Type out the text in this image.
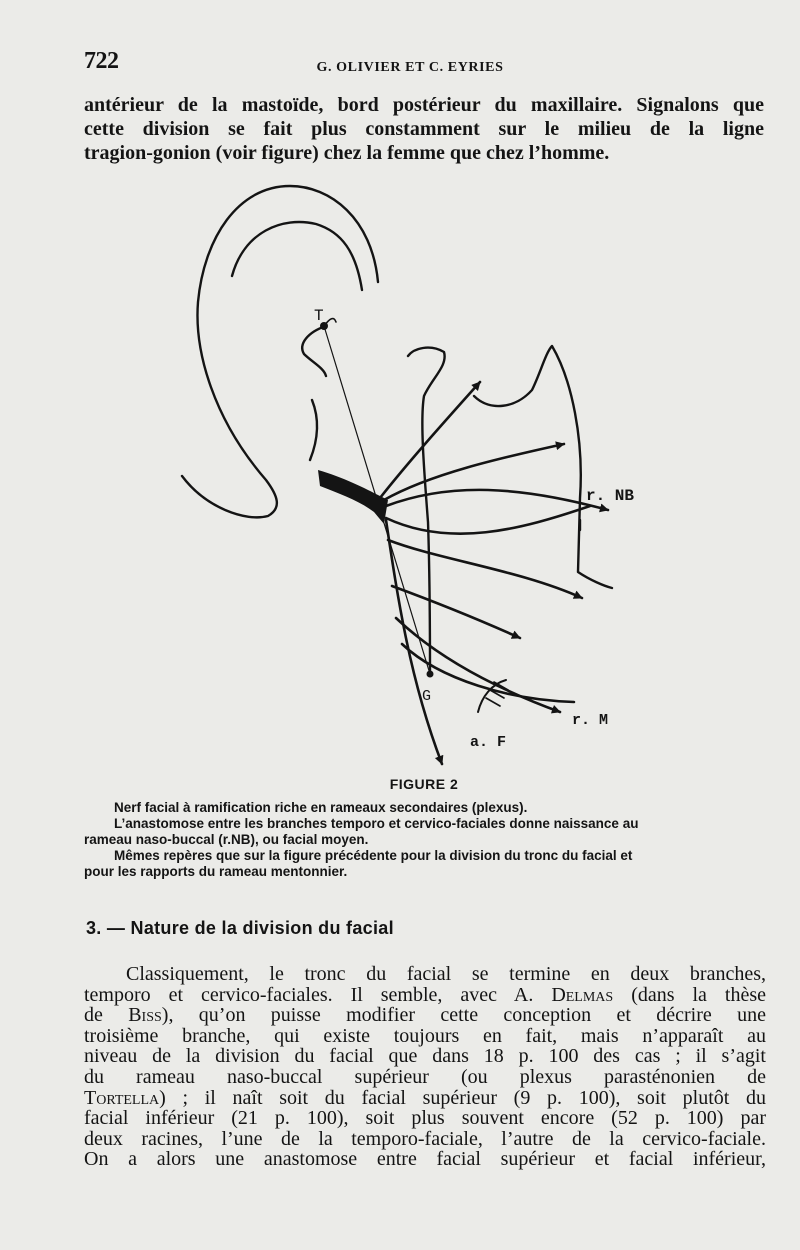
722	G. OLIVIER ET C. EYRIES
antérieur de la mastoïde, bord postérieur du maxillaire. Signalons que
cette division se fait plus constamment sur le milieu de la ligne
tragion-gonion (voir figure) chez la femme que chez l’homme.
T
G
r. NB
r. M
a. F
FIGURE 2
Nerf facial à ramification riche en rameaux secondaires (plexus).
L’anastomose entre les branches temporo et cervico-faciales donne naissance au
rameau naso-buccal (r.NB), ou facial moyen.
Mêmes repères que sur la figure précédente pour la division du tronc du facial et
pour les rapports du rameau mentonnier.
3. — Nature de la division du facial
Classiquement, le tronc du facial se termine en deux branches,
temporo et cervico-faciales. Il semble, avec A. Delmas (dans la thèse
de Biss), qu’on puisse modifier cette conception et décrire une
troisième branche, qui existe toujours en fait, mais n’apparaît au
niveau de la division du facial que dans 18 p. 100 des cas ; il s’agit
du rameau naso-buccal supérieur (ou plexus parasténonien de
Tortella) ; il naît soit du facial supérieur (9 p. 100), soit plutôt du
facial inférieur (21 p. 100), soit plus souvent encore (52 p. 100) par
deux racines, l’une de la temporo-faciale, l’autre de la cervico-faciale.
On a alors une anastomose entre facial supérieur et facial inférieur,
